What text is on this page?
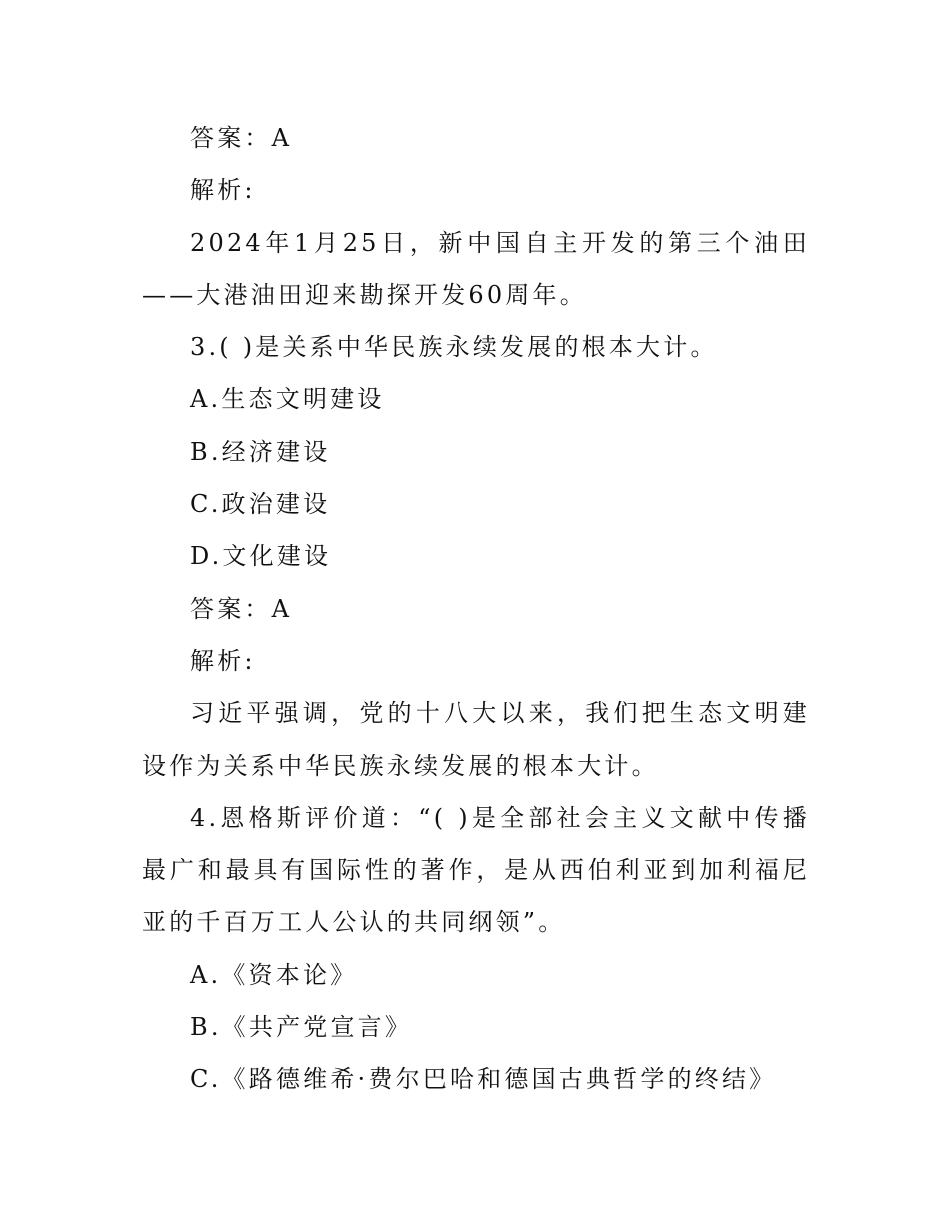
答案：A

解析:

2024年1月25日，新中国自主开发的第三个油田——大港油田迎来勘探开发60周年。

3.( )是关系中华民族永续发展的根本大计。

A.生态文明建设

B.经济建设

C.政治建设

D.文化建设

答案：A

解析:

习近平强调，党的十八大以来，我们把生态文明建设作为关系中华民族永续发展的根本大计。

4.恩格斯评价道：“( )是全部社会主义文献中传播最广和最具有国际性的著作，是从西伯利亚到加利福尼亚的千百万工人公认的共同纲领”。

A.《资本论》

B.《共产党宣言》

C.《路德维希·费尔巴哈和德国古典哲学的终结》
